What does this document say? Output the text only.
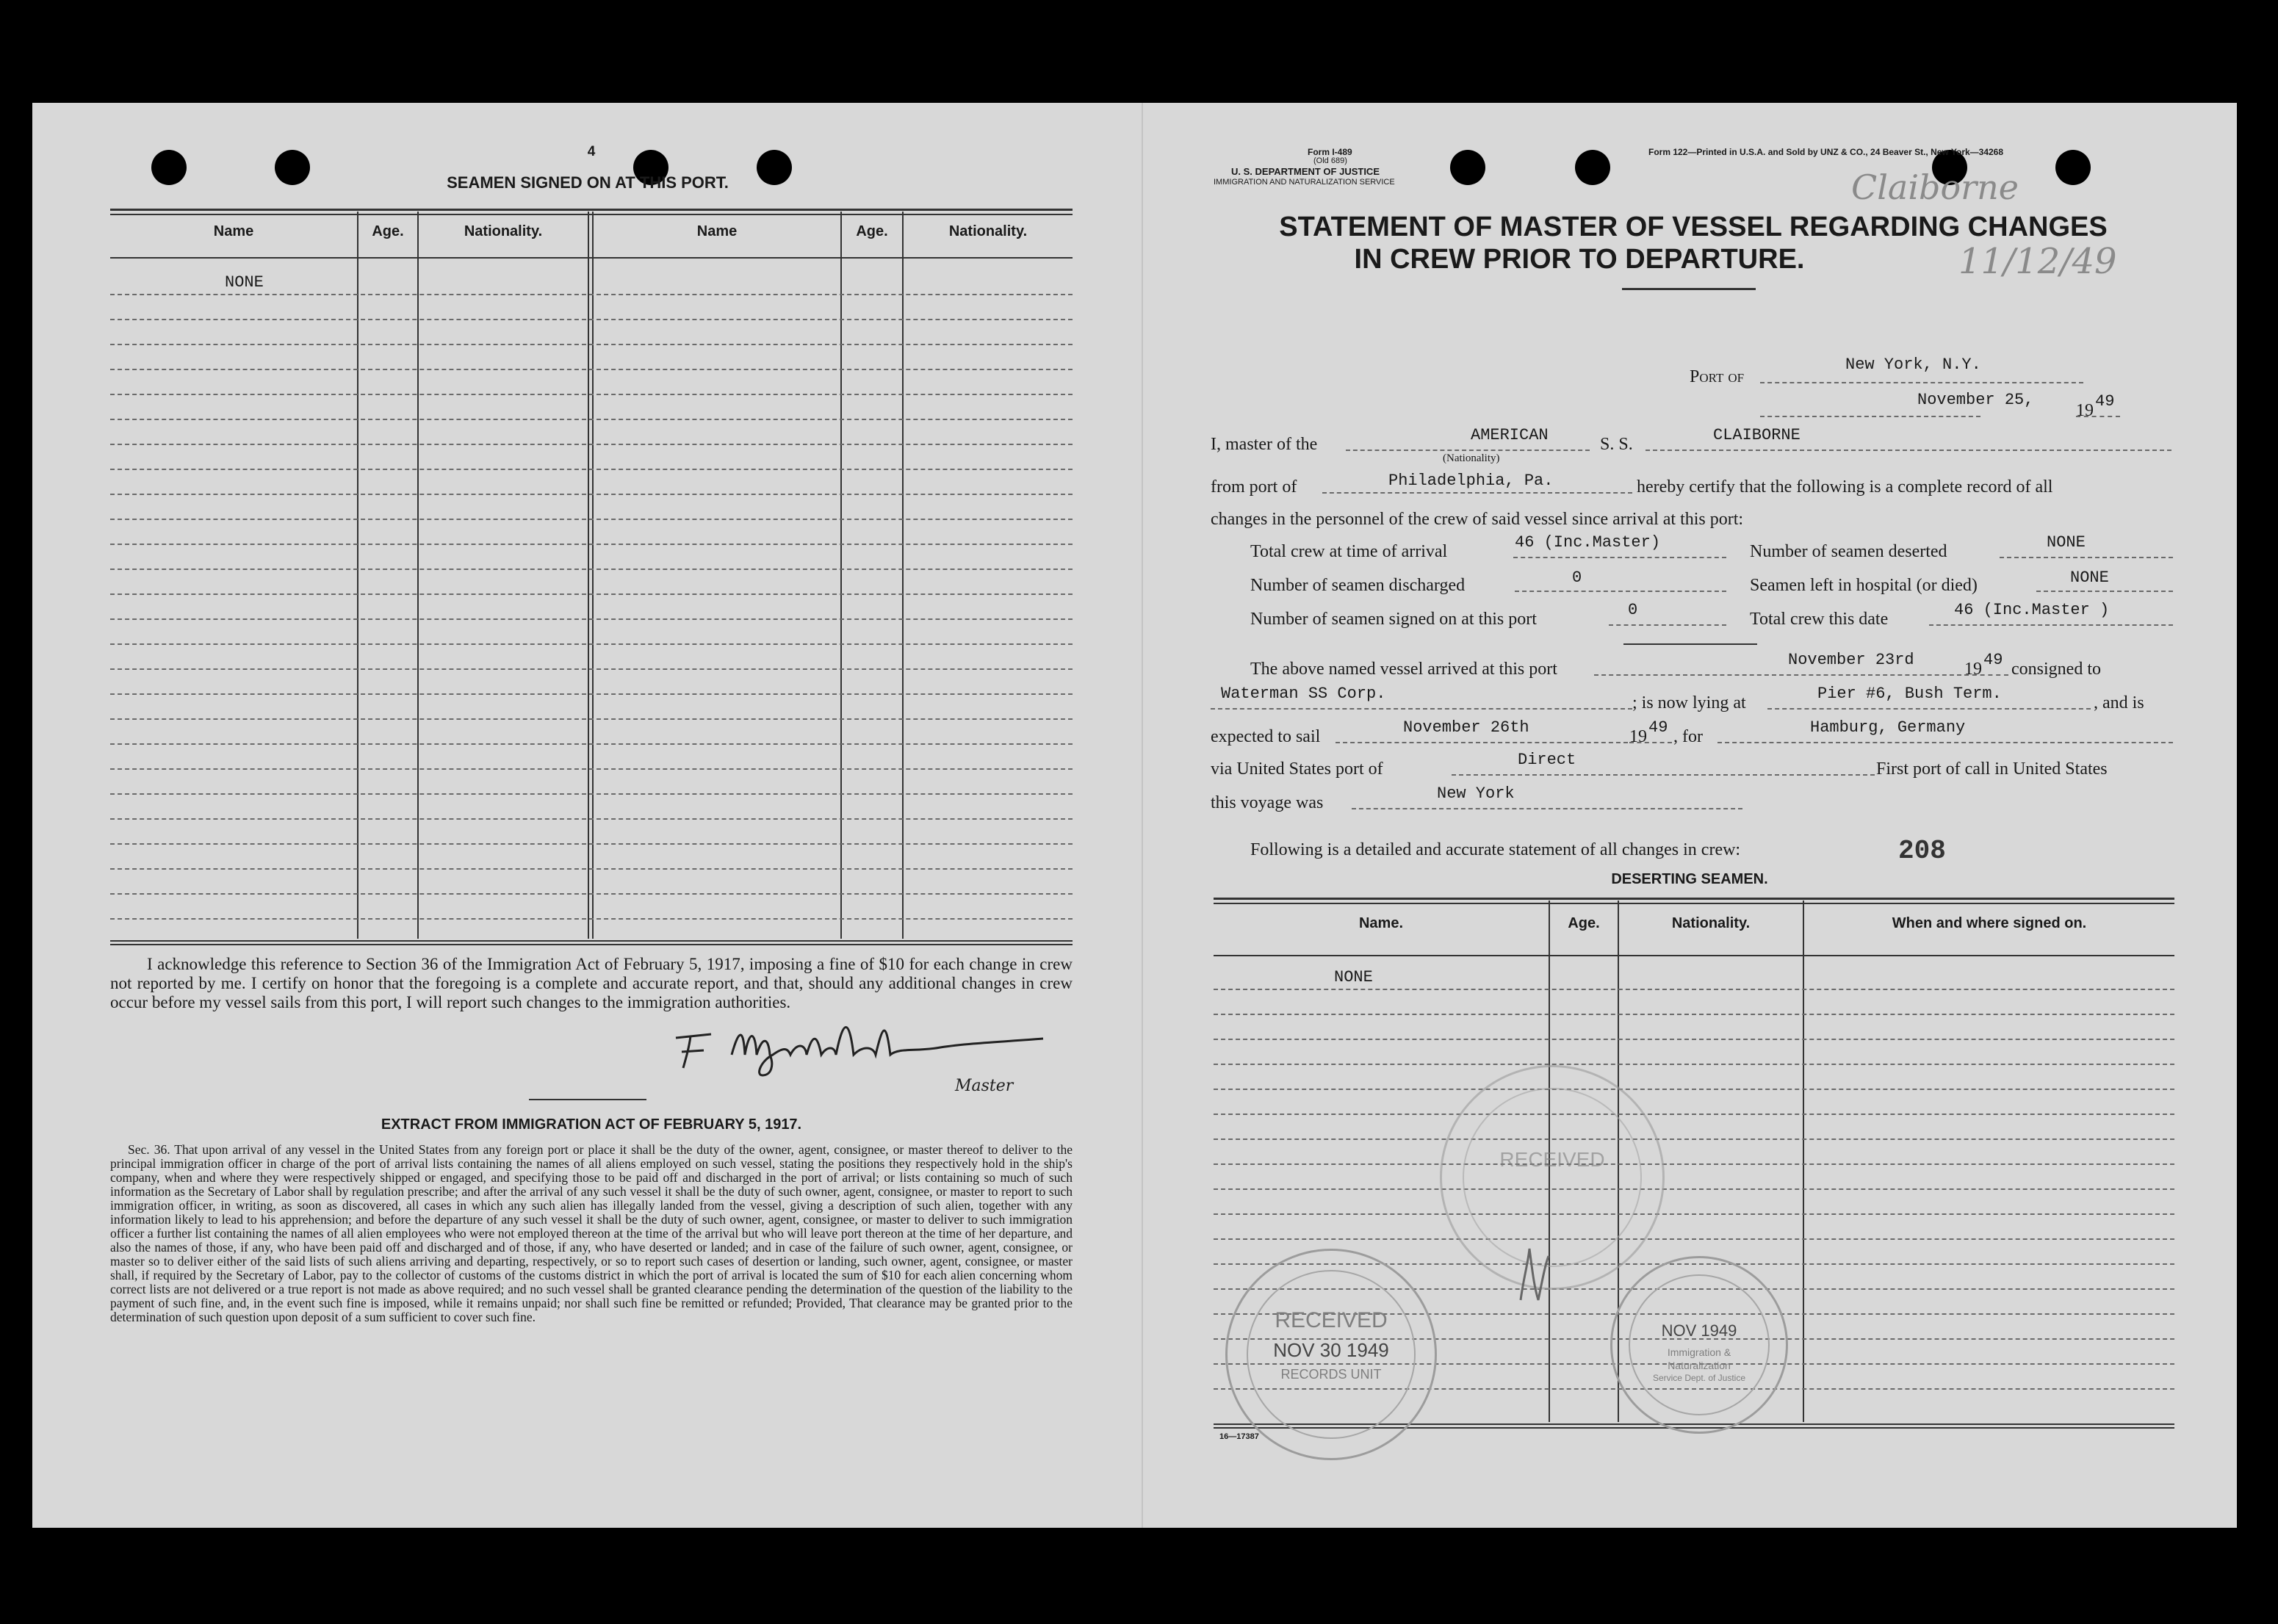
4
SEAMEN SIGNED ON AT THIS PORT.
Name	Age.	Nationality.	Name	Age.	Nationality.
NONE
I acknowledge this reference to Section 36 of the Immigration Act of February 5, 1917, imposing a fine of $10 for each change in crew not reported by me. I certify on honor that the foregoing is a complete and accurate report, and that, should any additional changes in crew occur before my vessel sails from this port, I will report such changes to the immigration authorities.
Master
EXTRACT FROM IMMIGRATION ACT OF FEBRUARY 5, 1917.
Sec. 36. That upon arrival of any vessel in the United States from any foreign port or place it shall be the duty of the owner, agent, consignee, or master thereof to deliver to the principal immigration officer in charge of the port of arrival lists containing the names of all aliens employed on such vessel, stating the positions they respectively hold in the ship's company, when and where they were respectively shipped or engaged, and specifying those to be paid off and discharged in the port of arrival; or lists containing so much of such information as the Secretary of Labor shall by regulation prescribe; and after the arrival of any such vessel it shall be the duty of such owner, agent, consignee, or master to report to such immigration officer, in writing, as soon as discovered, all cases in which any such alien has illegally landed from the vessel, giving a description of such alien, together with any information likely to lead to his apprehension; and before the departure of any such vessel it shall be the duty of such owner, agent, consignee, or master to deliver to such immigration officer a further list containing the names of all alien employees who were not employed thereon at the time of the arrival but who will leave port thereon at the time of her departure, and also the names of those, if any, who have been paid off and discharged and of those, if any, who have deserted or landed; and in case of the failure of such owner, agent, consignee, or master so to deliver either of the said lists of such aliens arriving and departing, respectively, or so to report such cases of desertion or landing, such owner, agent, consignee, or master shall, if required by the Secretary of Labor, pay to the collector of customs of the customs district in which the port of arrival is located the sum of $10 for each alien concerning whom correct lists are not delivered or a true report is not made as above required; and no such vessel shall be granted clearance pending the determination of the question of the liability to the payment of such fine, and, in the event such fine is imposed, while it remains unpaid; nor shall such fine be remitted or refunded; Provided, That clearance may be granted prior to the determination of such question upon deposit of a sum sufficient to cover such fine.
Form I-489
(Old 689)
U. S. DEPARTMENT OF JUSTICE
IMMIGRATION AND NATURALIZATION SERVICE
Form 122—Printed in U.S.A. and Sold by UNZ & CO., 24 Beaver St., New York—34268
Claiborne
STATEMENT OF MASTER OF VESSEL REGARDING CHANGES
IN CREW PRIOR TO DEPARTURE.	11/12/49
Port of
New York, N.Y.
November 25,
19 49
I, master of the	AMERICAN
(Nationality)
S. S.	CLAIBORNE
from port of	Philadelphia, Pa.	hereby certify that the following is a complete record of all
changes in the personnel of the crew of said vessel since arrival at this port:
Total crew at time of arrival	46 (Inc.Master)	Number of seamen deserted	NONE
Number of seamen discharged	0	Seamen left in hospital (or died)	NONE
Number of seamen signed on at this port	0	Total crew this date	46 (Inc.Master )
The above named vessel arrived at this port	November 23rd	19 49 consigned to
Waterman SS Corp.	; is now lying at	Pier #6, Bush Term.	, and is
expected to sail	November 26th	19 49 , for	Hamburg, Germany
via United States port of	Direct	First port of call in United States
this voyage was	New York
Following is a detailed and accurate statement of all changes in crew:	208
DESERTING SEAMEN.
Name.	Age.	Nationality.	When and where signed on.
NONE
RECEIVED
RECEIVED
NOV 30 1949
RECORDS UNIT
NOV 1949
Immigration &
Naturalization
Service Dept. of Justice
16—17387
